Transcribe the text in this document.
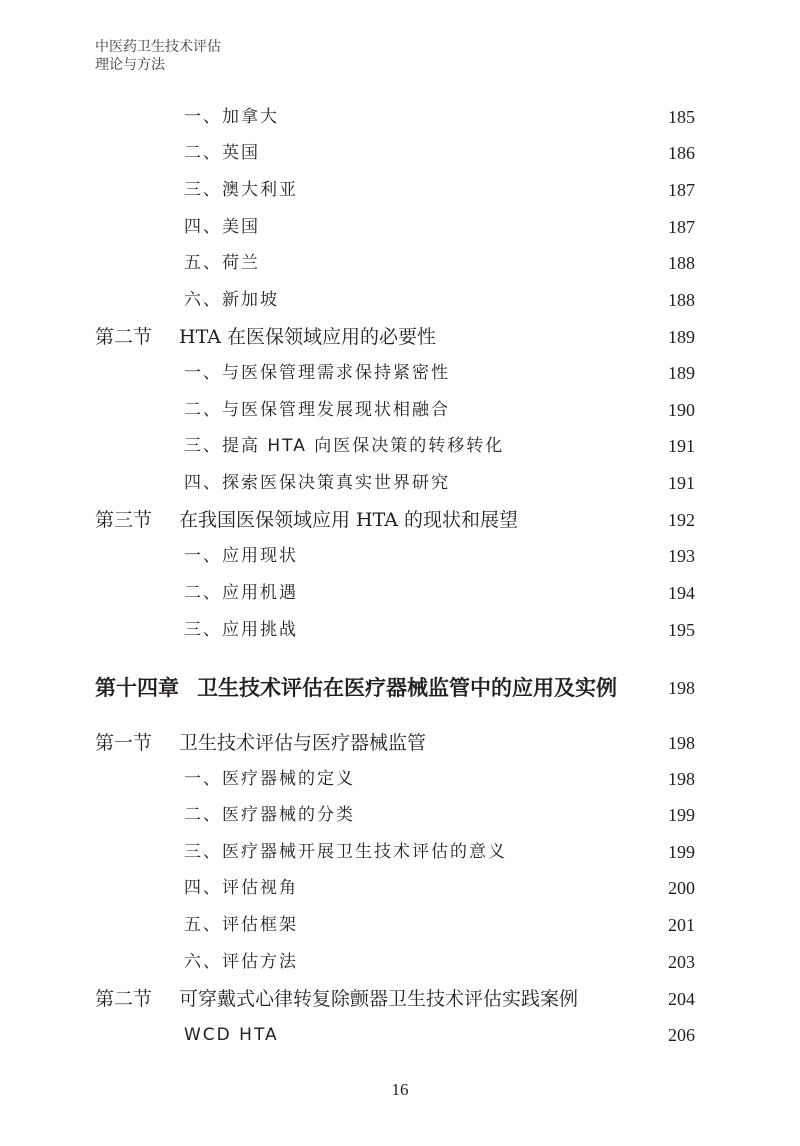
中医药卫生技术评估
理论与方法
一、加拿大	185
二、英国	186
三、澳大利亚	187
四、美国	187
五、荷兰	188
六、新加坡	188
第二节 HTA 在医保领域应用的必要性	189
一、与医保管理需求保持紧密性	189
二、与医保管理发展现状相融合	190
三、提高 HTA 向医保决策的转移转化	191
四、探索医保决策真实世界研究	191
第三节 在我国医保领域应用 HTA 的现状和展望	192
一、应用现状	193
二、应用机遇	194
三、应用挑战	195
第十四章 卫生技术评估在医疗器械监管中的应用及实例	198
第一节 卫生技术评估与医疗器械监管	198
一、医疗器械的定义	198
二、医疗器械的分类	199
三、医疗器械开展卫生技术评估的意义	199
四、评估视角	200
五、评估框架	201
六、评估方法	203
第二节 可穿戴式心律转复除颤器卫生技术评估实践案例	204
WCD HTA	206
16
